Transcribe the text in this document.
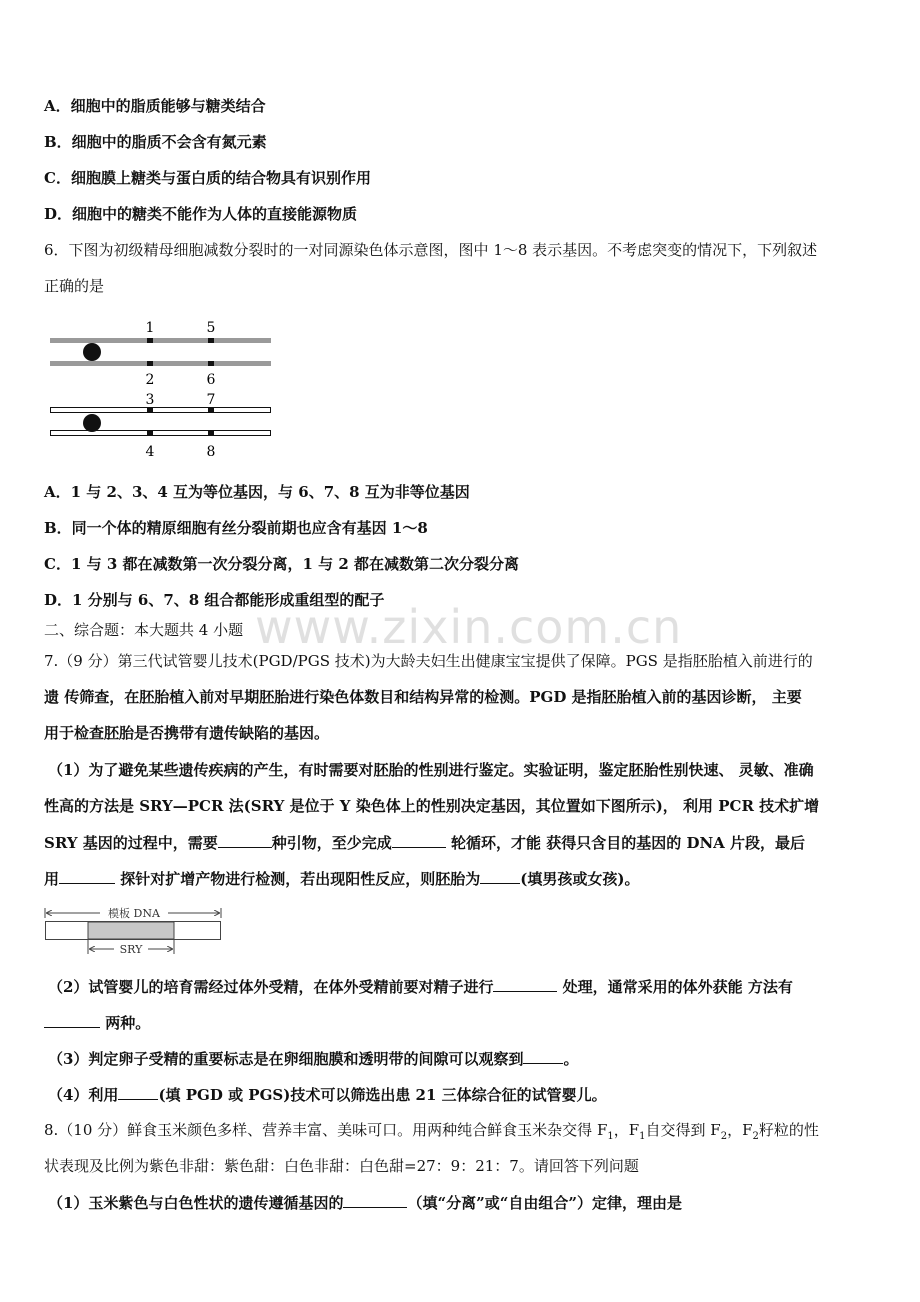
A．细胞中的脂质能够与糖类结合
B．细胞中的脂质不会含有氮元素
C．细胞膜上糖类与蛋白质的结合物具有识别作用
D．细胞中的糖类不能作为人体的直接能源物质
6．下图为初级精母细胞减数分裂时的一对同源染色体示意图，图中 1～8 表示基因。不考虑突变的情况下，下列叙述
正确的是
1	5
2	6
3	7
4	8
A．1 与 2、3、4 互为等位基因，与 6、7、8 互为非等位基因
B．同一个体的精原细胞有丝分裂前期也应含有基因 1～8
C．1 与 3 都在减数第一次分裂分离，1 与 2 都在减数第二次分裂分离
D．1 分别与 6、7、8 组合都能形成重组型的配子
二、综合题：本大题共 4 小题 www.zixin.com.cn
7.（9 分）第三代试管婴儿技术(PGD/PGS 技术)为大龄夫妇生出健康宝宝提供了保障。PGS 是指胚胎植入前进行的
遗 传筛查，在胚胎植入前对早期胚胎进行染色体数目和结构异常的检测。PGD 是指胚胎植入前的基因诊断， 主要
用于检查胚胎是否携带有遗传缺陷的基因。
（1）为了避免某些遗传疾病的产生，有时需要对胚胎的性别进行鉴定。实验证明，鉴定胚胎性别快速、 灵敏、准确
性高的方法是 SRY—PCR 法(SRY 是位于 Y 染色体上的性别决定基因，其位置如下图所示)， 利用 PCR 技术扩增
SRY 基因的过程中，需要	种引物，至少完成	轮循环，才能 获得只含目的基因的 DNA 片段，最后
用	探针对扩增产物进行检测，若出现阳性反应，则胚胎为	(填男孩或女孩)。
模板 DNA
SRY
（2）试管婴儿的培育需经过体外受精，在体外受精前要对精子进行	处理，通常采用的体外获能 方法有
两种。
（3）判定卵子受精的重要标志是在卵细胞膜和透明带的间隙可以观察到	。
（4）利用	(填 PGD 或 PGS)技术可以筛选出患 21 三体综合征的试管婴儿。
8.（10 分）鲜食玉米颜色多样、营养丰富、美味可口。用两种纯合鲜食玉米杂交得 $F_1$，$F_1$自交得到 $F_2$，$F_2$籽粒的性
状表现及比例为紫色非甜：紫色甜：白色非甜：白色甜=27：9：21：7。请回答下列问题
（1）玉米紫色与白色性状的遗传遵循基因的	（填“分离”或“自由组合”）定律，理由是
